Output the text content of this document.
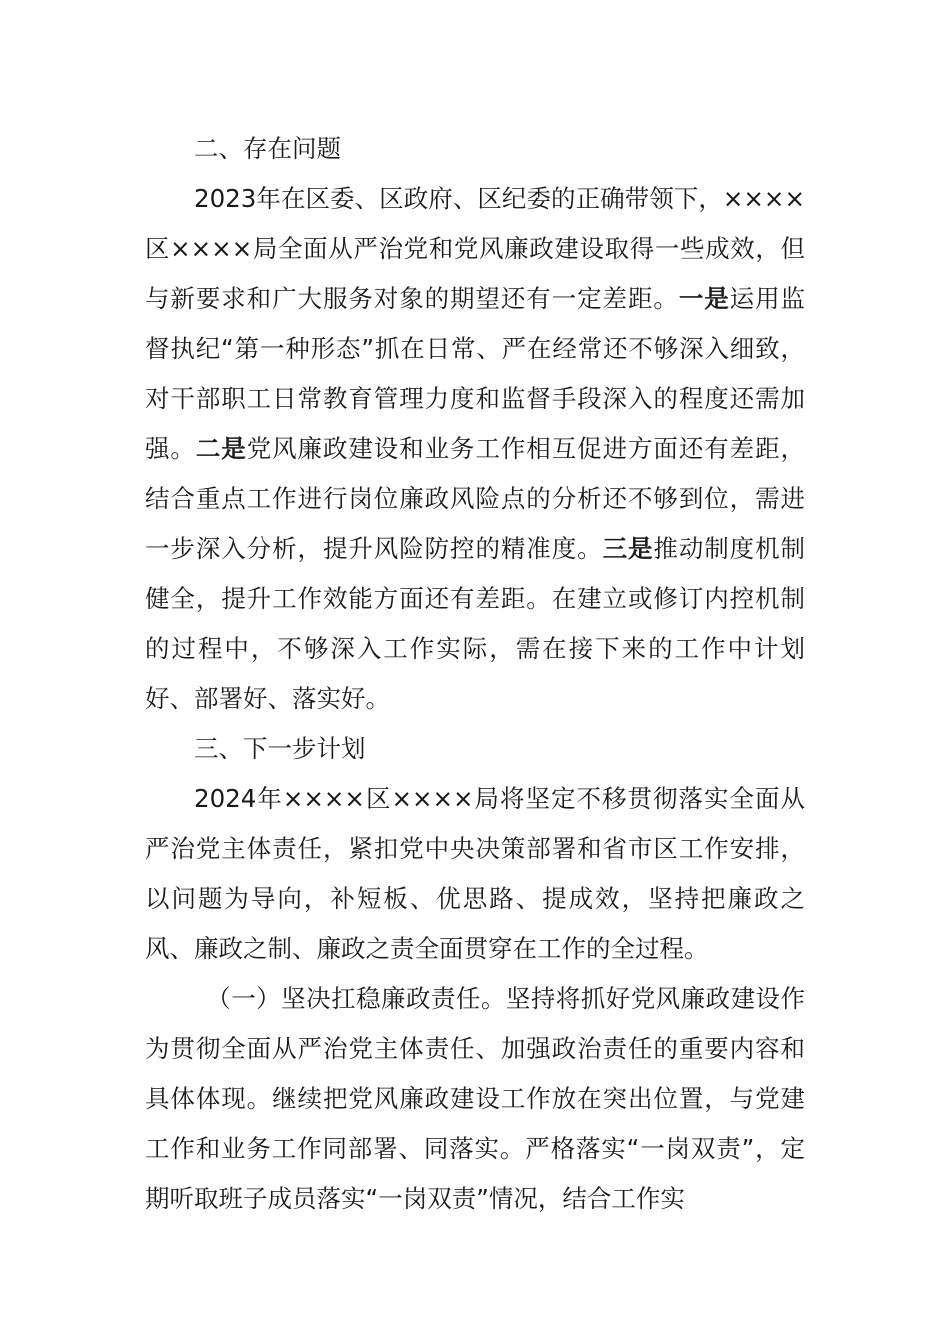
二、存在问题

2023年在区委、区政府、区纪委的正确带领下，××××区××××局全面从严治党和党风廉政建设取得一些成效，但与新要求和广大服务对象的期望还有一定差距。一是运用监督执纪“第一种形态”抓在日常、严在经常还不够深入细致，对干部职工日常教育管理力度和监督手段深入的程度还需加强。二是党风廉政建设和业务工作相互促进方面还有差距，结合重点工作进行岗位廉政风险点的分析还不够到位，需进一步深入分析，提升风险防控的精准度。三是推动制度机制健全，提升工作效能方面还有差距。在建立或修订内控机制的过程中，不够深入工作实际，需在接下来的工作中计划好、部署好、落实好。

三、下一步计划

2024年××××区××××局将坚定不移贯彻落实全面从严治党主体责任，紧扣党中央决策部署和省市区工作安排，以问题为导向，补短板、优思路、提成效，坚持把廉政之风、廉政之制、廉政之责全面贯穿在工作的全过程。

（一）坚决扛稳廉政责任。坚持将抓好党风廉政建设作为贯彻全面从严治党主体责任、加强政治责任的重要内容和具体体现。继续把党风廉政建设工作放在突出位置，与党建工作和业务工作同部署、同落实。严格落实“一岗双责”，定期听取班子成员落实“一岗双责”情况，结合工作实
